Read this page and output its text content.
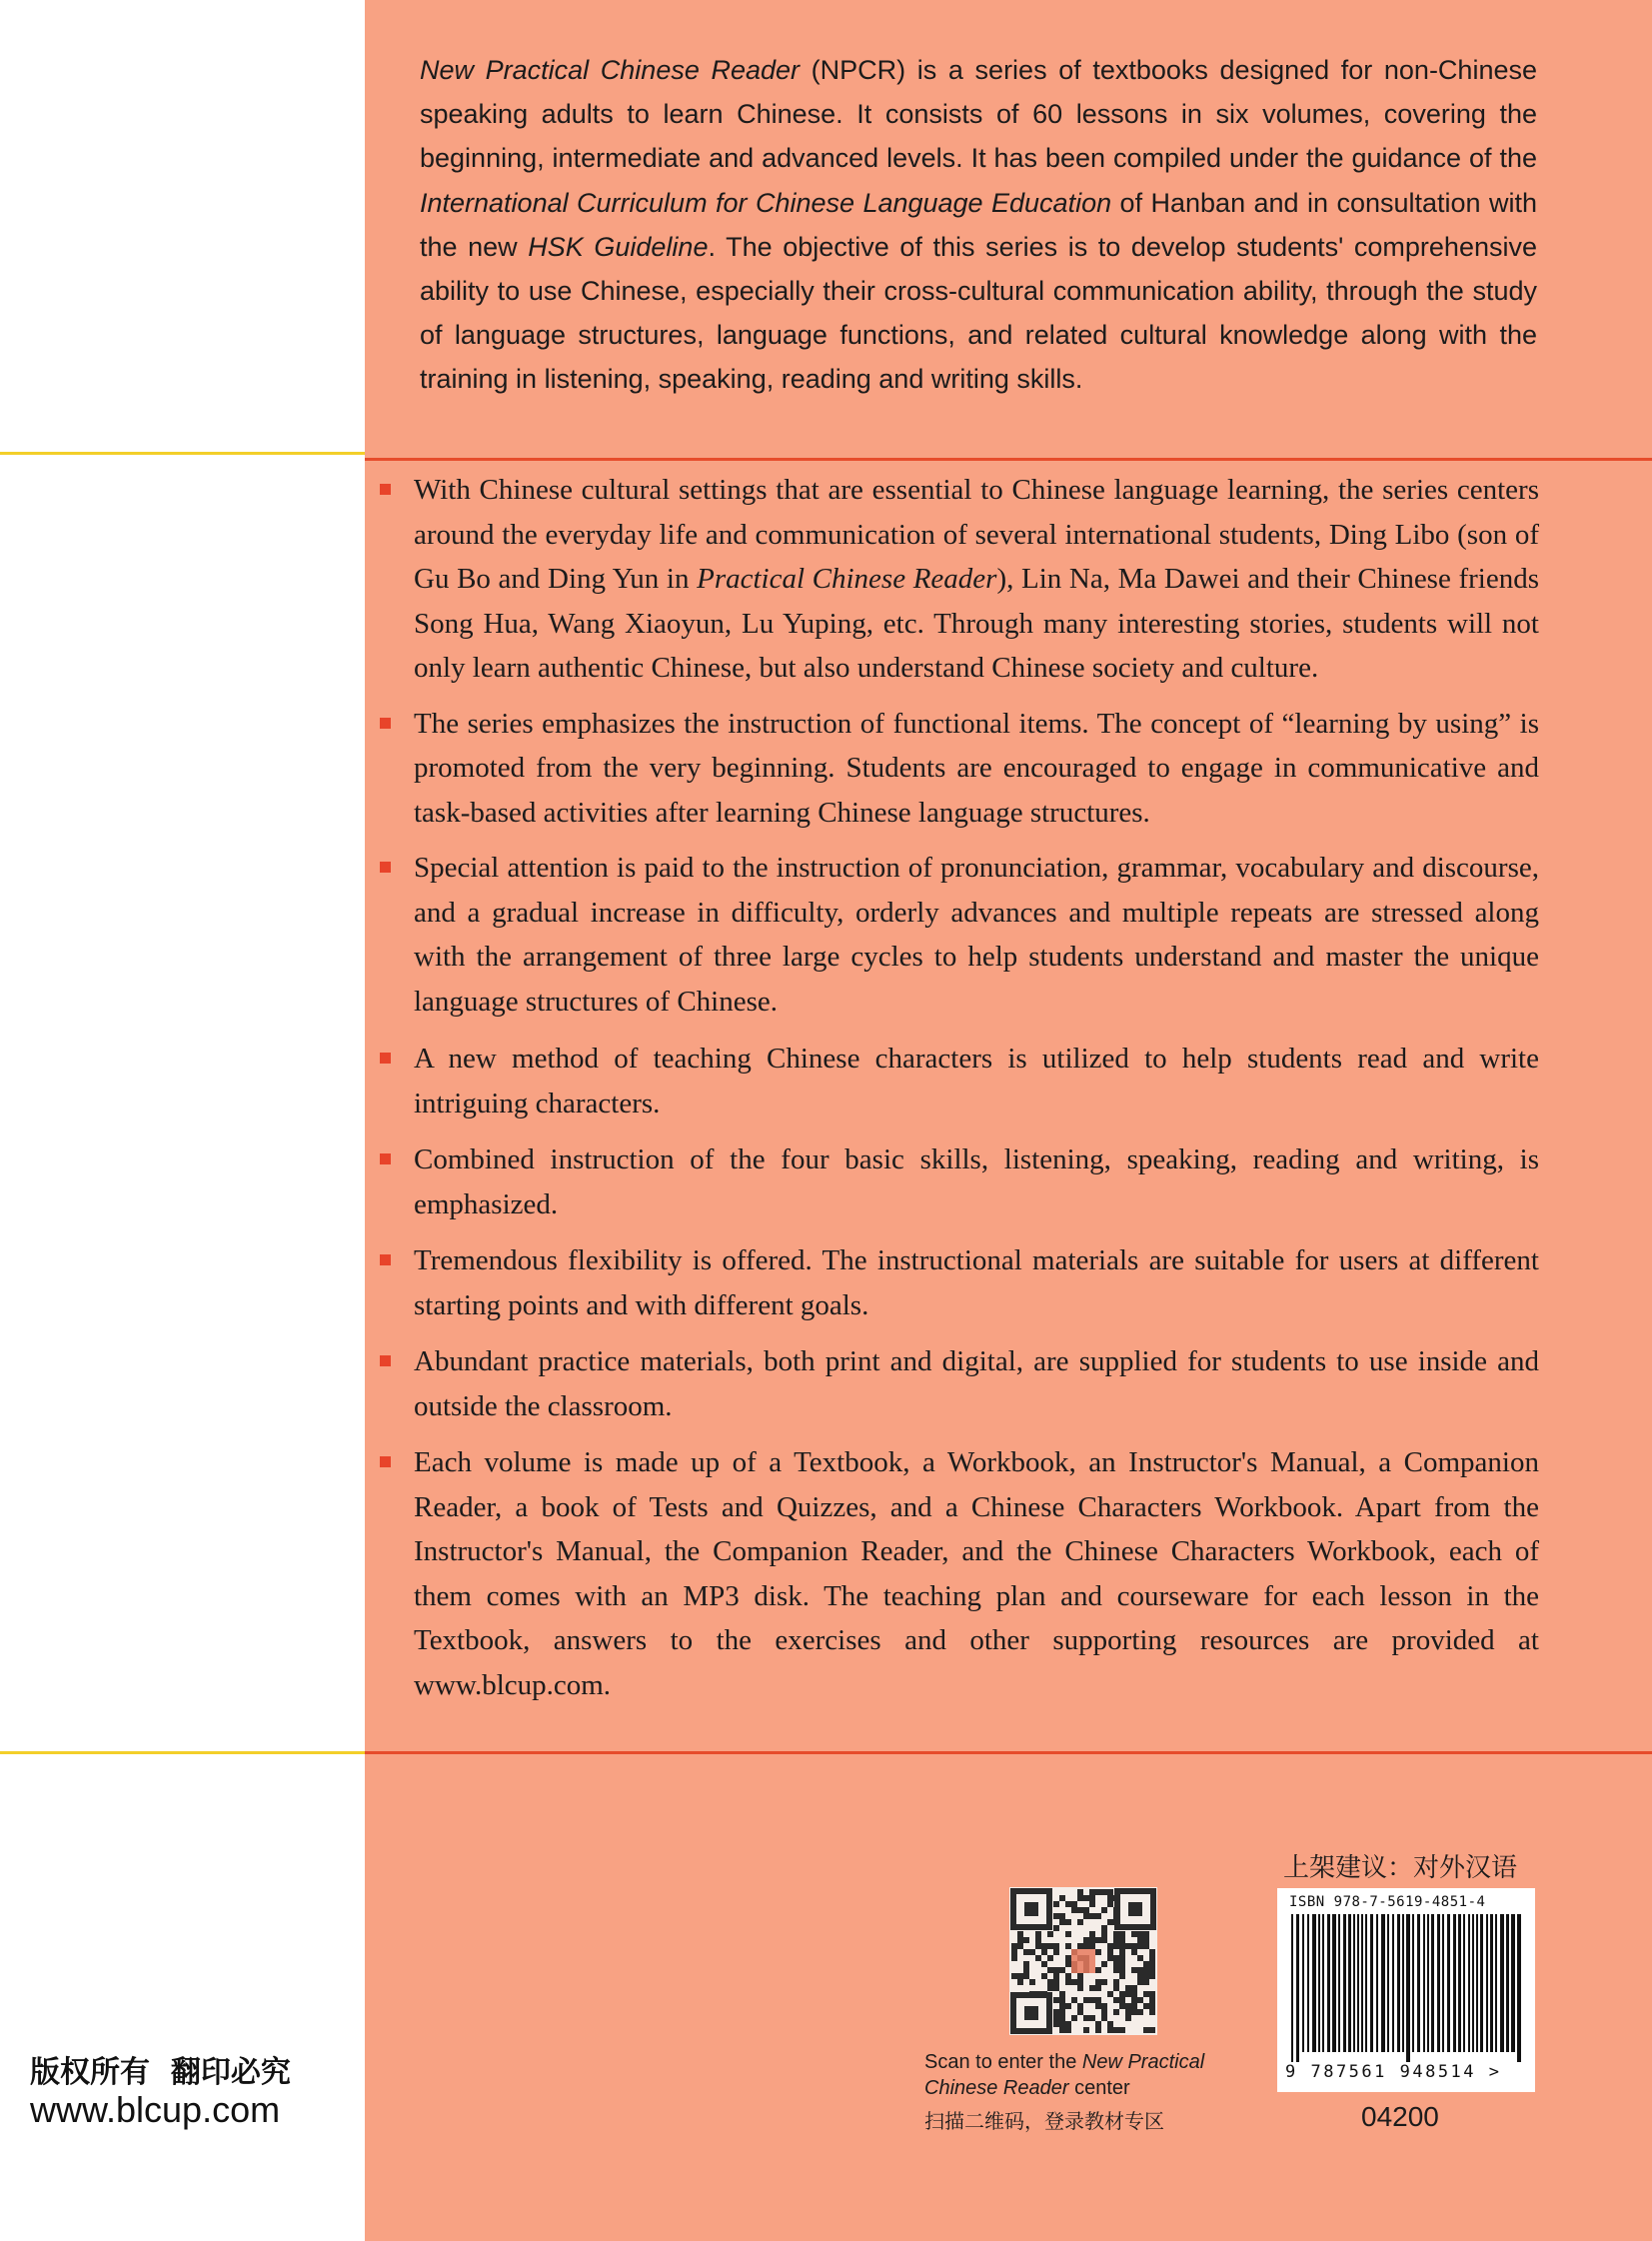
New Practical Chinese Reader (NPCR) is a series of textbooks designed for non-Chinese speaking adults to learn Chinese. It consists of 60 lessons in six volumes, covering the beginning, intermediate and advanced levels. It has been compiled under the guidance of the International Curriculum for Chinese Language Education of Hanban and in consultation with the new HSK Guideline. The objective of this series is to develop students' comprehensive ability to use Chinese, especially their cross-cultural communication ability, through the study of language structures, language functions, and related cultural knowledge along with the training in listening, speaking, reading and writing skills.
With Chinese cultural settings that are essential to Chinese language learning, the series centers around the everyday life and communication of several international students, Ding Libo (son of Gu Bo and Ding Yun in Practical Chinese Reader), Lin Na, Ma Dawei and their Chinese friends Song Hua, Wang Xiaoyun, Lu Yuping, etc. Through many interesting stories, students will not only learn authentic Chinese, but also understand Chinese society and culture.
The series emphasizes the instruction of functional items. The concept of “learning by using” is promoted from the very beginning. Students are encouraged to engage in communicative and task-based activities after learning Chinese language structures.
Special attention is paid to the instruction of pronunciation, grammar, vocabulary and discourse, and a gradual increase in difficulty, orderly advances and multiple repeats are stressed along with the arrangement of three large cycles to help students understand and master the unique language structures of Chinese.
A new method of teaching Chinese characters is utilized to help students read and write intriguing characters.
Combined instruction of the four basic skills, listening, speaking, reading and writing, is emphasized.
Tremendous flexibility is offered. The instructional materials are suitable for users at different starting points and with different goals.
Abundant practice materials, both print and digital, are supplied for students to use inside and outside the classroom.
Each volume is made up of a Textbook, a Workbook, an Instructor's Manual, a Companion Reader, a book of Tests and Quizzes, and a Chinese Characters Workbook. Apart from the Instructor's Manual, the Companion Reader, and the Chinese Characters Workbook, each of them comes with an MP3 disk. The teaching plan and courseware for each lesson in the Textbook, answers to the exercises and other supporting resources are provided at www.blcup.com.
上架建议：对外汉语
ISBN 978-7-5619-4851-4
9 787561 948514 >
04200
Scan to enter the New Practical Chinese Reader center
扫描二维码，登录教材专区
版权所有  翻印必究
www.blcup.com
